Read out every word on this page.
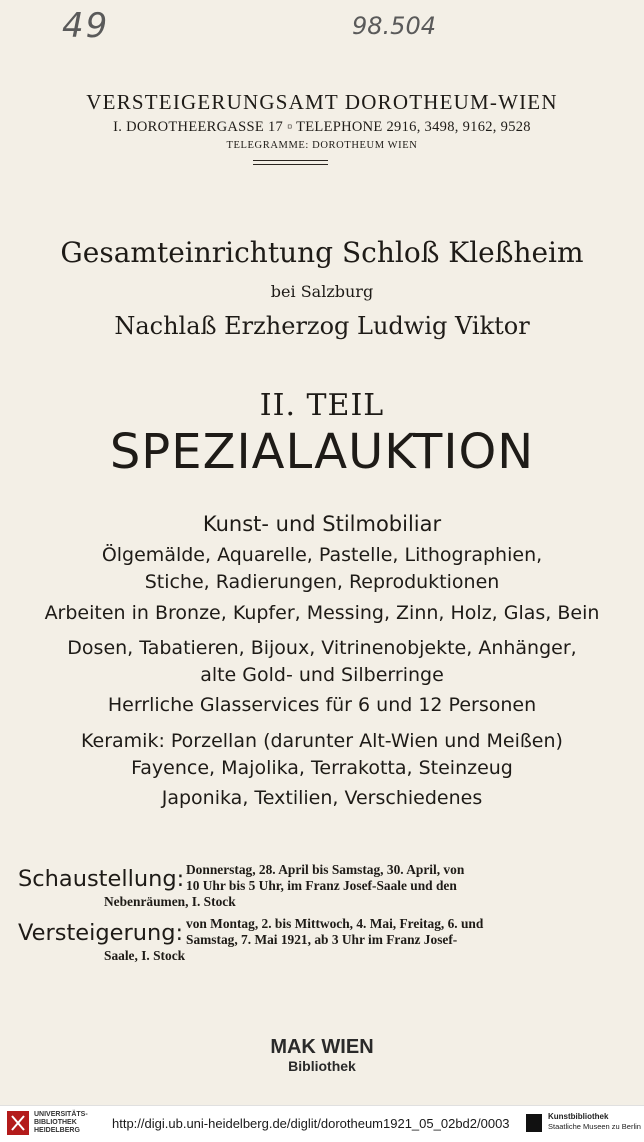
49	98.504
VERSTEIGERUNGSAMT DOROTHEUM-WIEN
I. DOROTHEERGASSE 17 ▫ TELEPHONE 2916, 3498, 9162, 9528
TELEGRAMME: DOROTHEUM WIEN
Gesamteinrichtung Schloß Kleßheim
bei Salzburg
Nachlaß Erzherzog Ludwig Viktor
II. TEIL
SPEZIALAUKTION
Kunst- und Stilmobiliar
Ölgemälde, Aquarelle, Pastelle, Lithographien,
Stiche, Radierungen, Reproduktionen
Arbeiten in Bronze, Kupfer, Messing, Zinn, Holz, Glas, Bein
Dosen, Tabatieren, Bijoux, Vitrinenobjekte, Anhänger,
alte Gold- und Silberringe
Herrliche Glasservices für 6 und 12 Personen
Keramik: Porzellan (darunter Alt-Wien und Meißen)
Fayence, Majolika, Terrakotta, Steinzeug
Japonika, Textilien, Verschiedenes
Schaustellung: Donnerstag, 28. April bis Samstag, 30. April, von
10 Uhr bis 5 Uhr, im Franz Josef-Saale und den
Nebenräumen, I. Stock
Versteigerung: von Montag, 2. bis Mittwoch, 4. Mai, Freitag, 6. und
Samstag, 7. Mai 1921, ab 3 Uhr im Franz Josef-
Saale, I. Stock
MAK WIEN
Bibliothek
UNIVERSITÄTS-
BIBLIOTHEK
HEIDELBERG	http://digi.ub.uni-heidelberg.de/diglit/dorotheum1921_05_02bd2/0003	Kunstbibliothek
Staatliche Museen zu Berlin
